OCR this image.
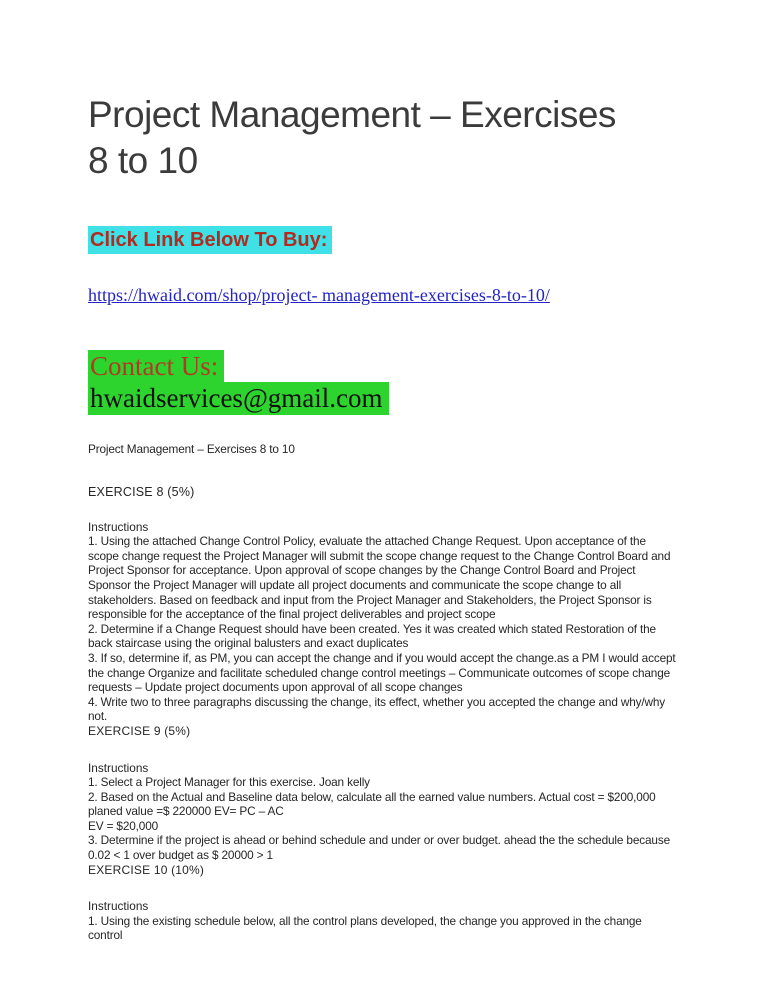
Project Management – Exercises
8 to 10
Click Link Below To Buy:
https://hwaid.com/shop/project- management-exercises-8-to-10/
Contact Us:
hwaidservices@gmail.com
Project Management – Exercises 8 to 10
EXERCISE 8 (5%)
Instructions
1. Using the attached Change Control Policy, evaluate the attached Change Request. Upon acceptance of the scope change request the Project Manager will submit the scope change request to the Change Control Board and Project Sponsor for acceptance. Upon approval of scope changes by the Change Control Board and Project Sponsor the Project Manager will update all project documents and communicate the scope change to all stakeholders. Based on feedback and input from the Project Manager and Stakeholders, the Project Sponsor is responsible for the acceptance of the final project deliverables and project scope
2. Determine if a Change Request should have been created. Yes it was created which stated Restoration of the back staircase using the original balusters and exact duplicates
3. If so, determine if, as PM, you can accept the change and if you would accept the change.as a PM I would accept the change Organize and facilitate scheduled change control meetings – Communicate outcomes of scope change requests – Update project documents upon approval of all scope changes
4. Write two to three paragraphs discussing the change, its effect, whether you accepted the change and why/why not.
EXERCISE 9 (5%)
Instructions
1. Select a Project Manager for this exercise. Joan kelly
2. Based on the Actual and Baseline data below, calculate all the earned value numbers. Actual cost = $200,000 planed value =$ 220000 EV= PC – AC
EV = $20,000
3. Determine if the project is ahead or behind schedule and under or over budget. ahead the the schedule because 0.02 < 1 over budget as $ 20000 > 1
EXERCISE 10 (10%)
Instructions
1. Using the existing schedule below, all the control plans developed, the change you approved in the change control
